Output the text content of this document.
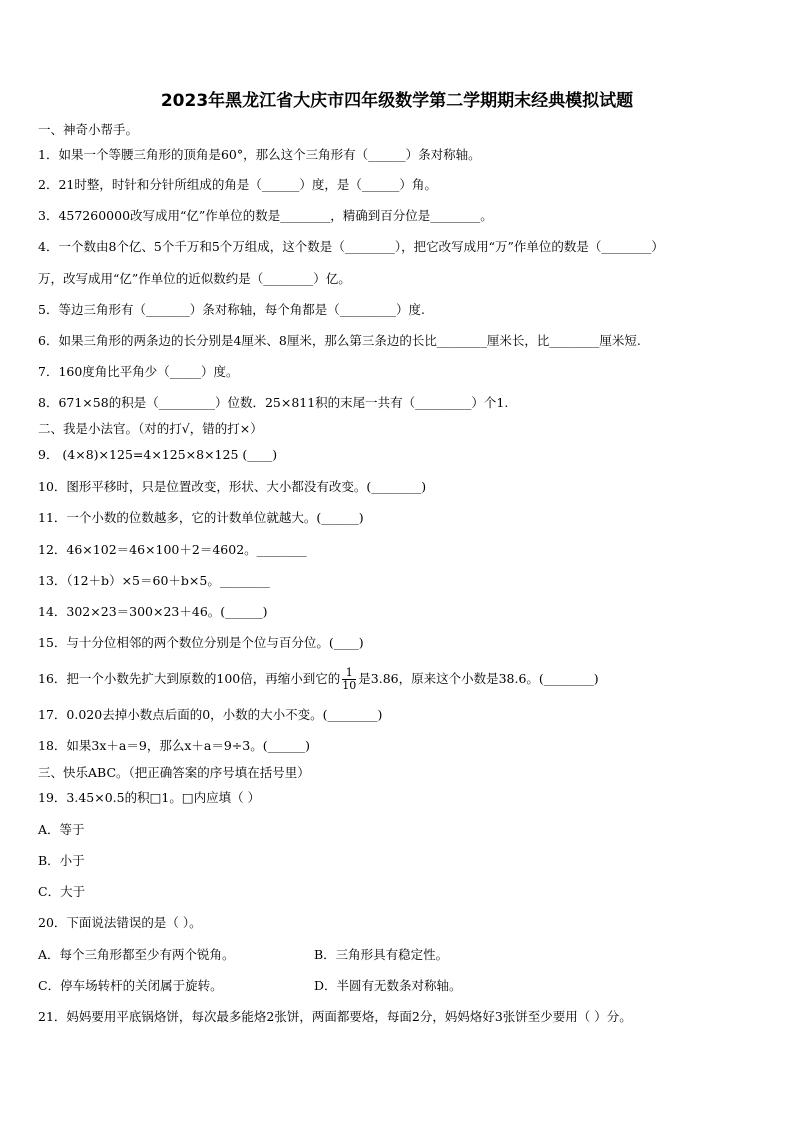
2023年黑龙江省大庆市四年级数学第二学期期末经典模拟试题
一、神奇小帮手。
1．如果一个等腰三角形的顶角是60°，那么这个三角形有（______）条对称轴。
2．21时整，时针和分针所组成的角是（______）度，是（______）角。
3．457260000改写成用“亿”作单位的数是________，精确到百分位是________。
4．一个数由8个亿、5个千万和5个万组成，这个数是（________），把它改写成用“万”作单位的数是（________）
万，改写成用“亿”作单位的近似数约是（________）亿。
5．等边三角形有（_______）条对称轴，每个角都是（_________）度.
6．如果三角形的两条边的长分别是4厘米、8厘米，那么第三条边的长比________厘米长，比________厘米短.
7．160度角比平角少（_____）度。
8．671×58的积是（_________）位数．25×811积的末尾一共有（_________）个1.
二、我是小法官。（对的打√，错的打×）
9． (4×8)×125=4×125×8×125 (____)
10．图形平移时，只是位置改变，形状、大小都没有改变。(________)
11．一个小数的位数越多，它的计数单位就越大。(______)
12．46×102＝46×100＋2＝4602。________
13．（12＋b）×5＝60＋b×5。________
14．302×23＝300×23＋46。(______)
15．与十分位相邻的两个数位分别是个位与百分位。(____)
16．把一个小数先扩大到原数的100倍，再缩小到它的 $\frac{1}{10}$ 是3.86，原来这个小数是38.6。(________)
17．0.020去掉小数点后面的0，小数的大小不变。(________)
18．如果3x＋a＝9，那么x＋a＝9÷3。(______)
三、快乐ABC。（把正确答案的序号填在括号里）
19．3.45×0.5的积□1。□内应填（ ）
A．等于
B．小于
C．大于
20．下面说法错误的是（ ）。
A．每个三角形都至少有两个锐角。	B．三角形具有稳定性。
C．停车场转杆的关闭属于旋转。	D．半圆有无数条对称轴。
21．妈妈要用平底锅烙饼，每次最多能烙2张饼，两面都要烙，每面2分，妈妈烙好3张饼至少要用（ ）分。
